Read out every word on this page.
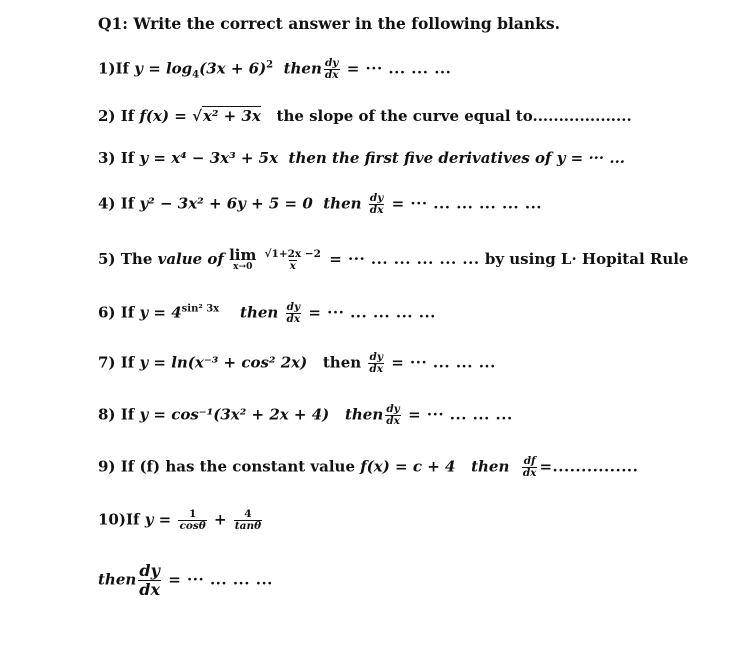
Q1: Write the correct answer in the following blanks.
1)If $y = \log_4(3x + 6)^2$ then $\frac{dy}{dx}$ = ··· ... ... ...
2) If f(x) = √x² + 3x the slope of the curve equal to...................
3) If y = x⁴ − 3x³ + 5x then the first five derivatives of y = ··· ...
4) If y² − 3x² + 6y + 5 = 0 then $\frac{dy}{dx}$ = ··· ... ... ... ... ...
5) The value of lim
x→0
$\frac{√1+2x -2}{x}$ = ··· ... ... ... ... ... by using L· Hopital Rule
6) If $y = 4^{sin^2 3x}$ then $\frac{dy}{dx}$ = ··· ... ... ... ...
7) If y = ln(x⁻³ + cos² 2x) then $\frac{dy}{dx}$ = ··· ... ... ...
8) If y = cos⁻¹(3x² + 2x + 4) then $\frac{dy}{dx}$ = ··· ... ... ...
9) If (f) has the constant value f(x) = c + 4 then $\frac{df}{dx}$ =...............
10)If $y = \frac{1}{\cos\theta} + \frac{4}{\tan\theta}$
then $\frac{dy}{dx}$ = ··· ... ... ...
